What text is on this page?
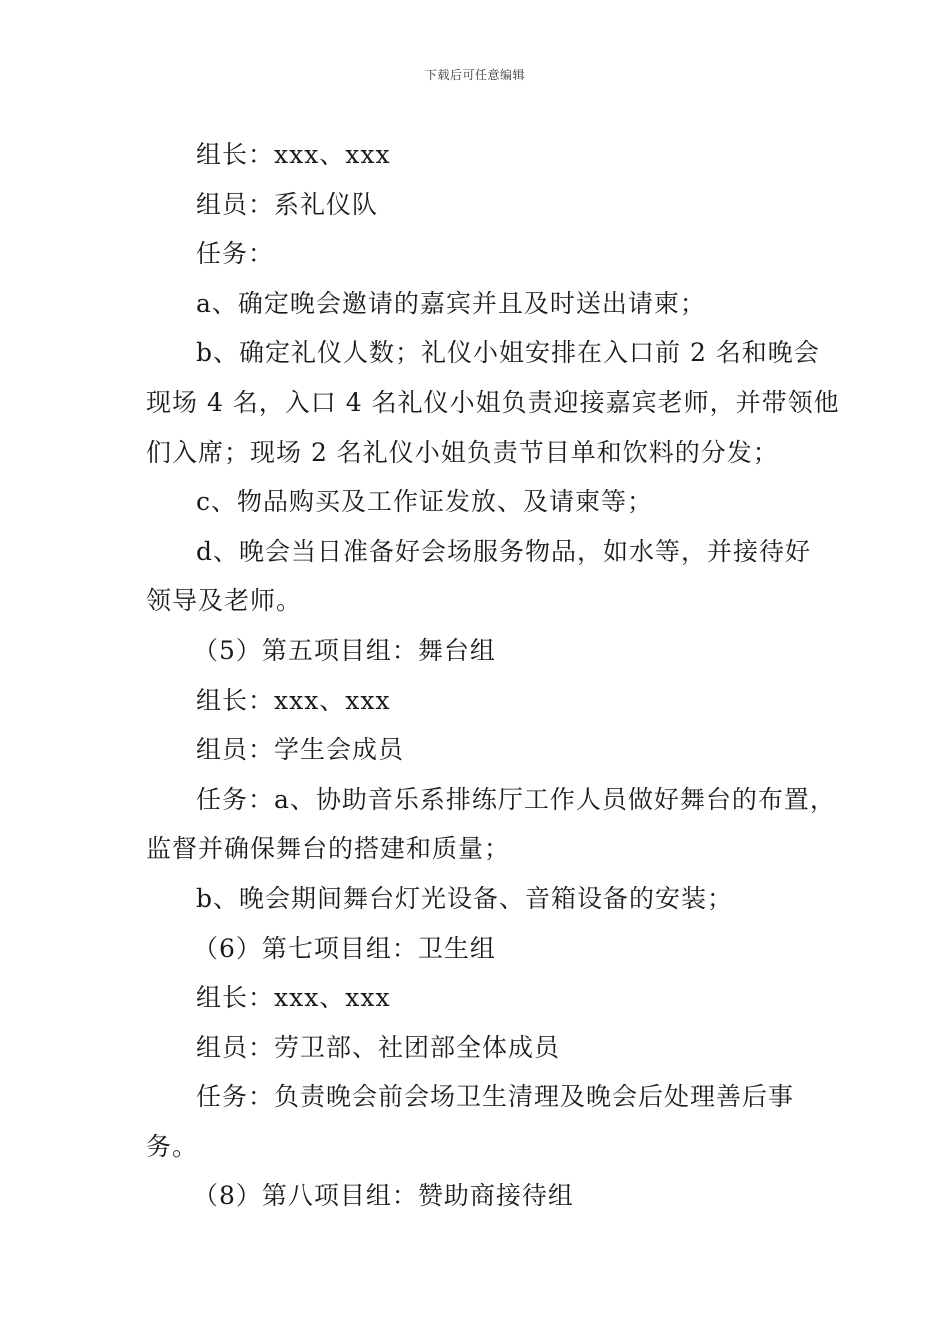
下载后可任意编辑
组长：xxx、xxx
组员：系礼仪队
任务：
a、确定晚会邀请的嘉宾并且及时送出请柬；
b、确定礼仪人数；礼仪小姐安排在入口前 2 名和晚会
现场 4 名，入口 4 名礼仪小姐负责迎接嘉宾老师，并带领他
们入席；现场 2 名礼仪小姐负责节目单和饮料的分发；
c、物品购买及工作证发放、及请柬等；
d、晚会当日准备好会场服务物品，如水等，并接待好
领导及老师。
（5）第五项目组：舞台组
组长：xxx、xxx
组员：学生会成员
任务：a、协助音乐系排练厅工作人员做好舞台的布置，
监督并确保舞台的搭建和质量；
b、晚会期间舞台灯光设备、音箱设备的安装；
（6）第七项目组：卫生组
组长：xxx、xxx
组员：劳卫部、社团部全体成员
任务：负责晚会前会场卫生清理及晚会后处理善后事
务。
（8）第八项目组：赞助商接待组
